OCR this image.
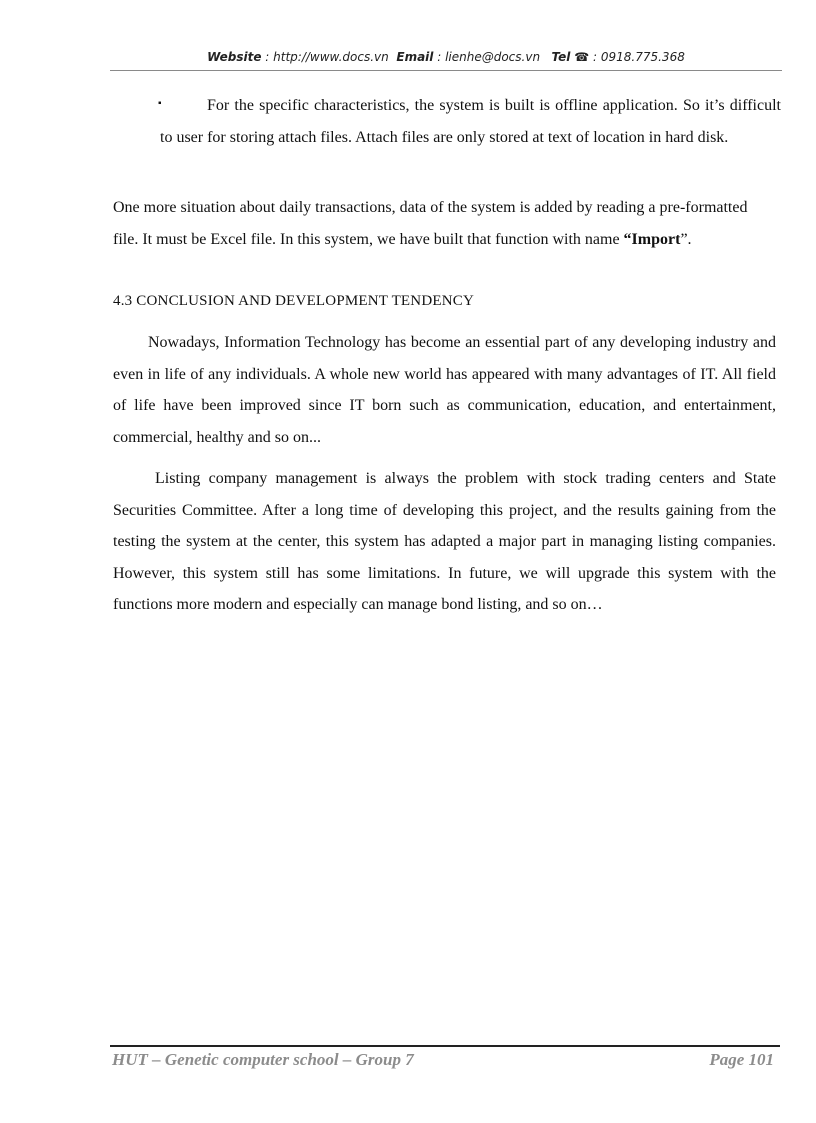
Website : http://www.docs.vn Email : lienhe@docs.vn Tel ☎ : 0918.775.368
▪	For the specific characteristics, the system is built is offline application. So it’s difficult to user for storing attach files. Attach files are only stored at text of location in hard disk.
One more situation about daily transactions, data of the system is added by reading a pre-formatted file. It must be Excel file. In this system, we have built that function with name “Import”.
4.3 CONCLUSION AND DEVELOPMENT TENDENCY
Nowadays, Information Technology has become an essential part of any developing industry and even in life of any individuals. A whole new world has appeared with many advantages of IT. All field of life have been improved since IT born such as communication, education, and entertainment, commercial, healthy and so on...
Listing company management is always the problem with stock trading centers and State Securities Committee. After a long time of developing this project, and the results gaining from the testing the system at the center, this system has adapted a major part in managing listing companies. However, this system still has some limitations. In future, we will upgrade this system with the functions more modern and especially can manage bond listing, and so on…
HUT – Genetic computer school – Group 7	Page 101
